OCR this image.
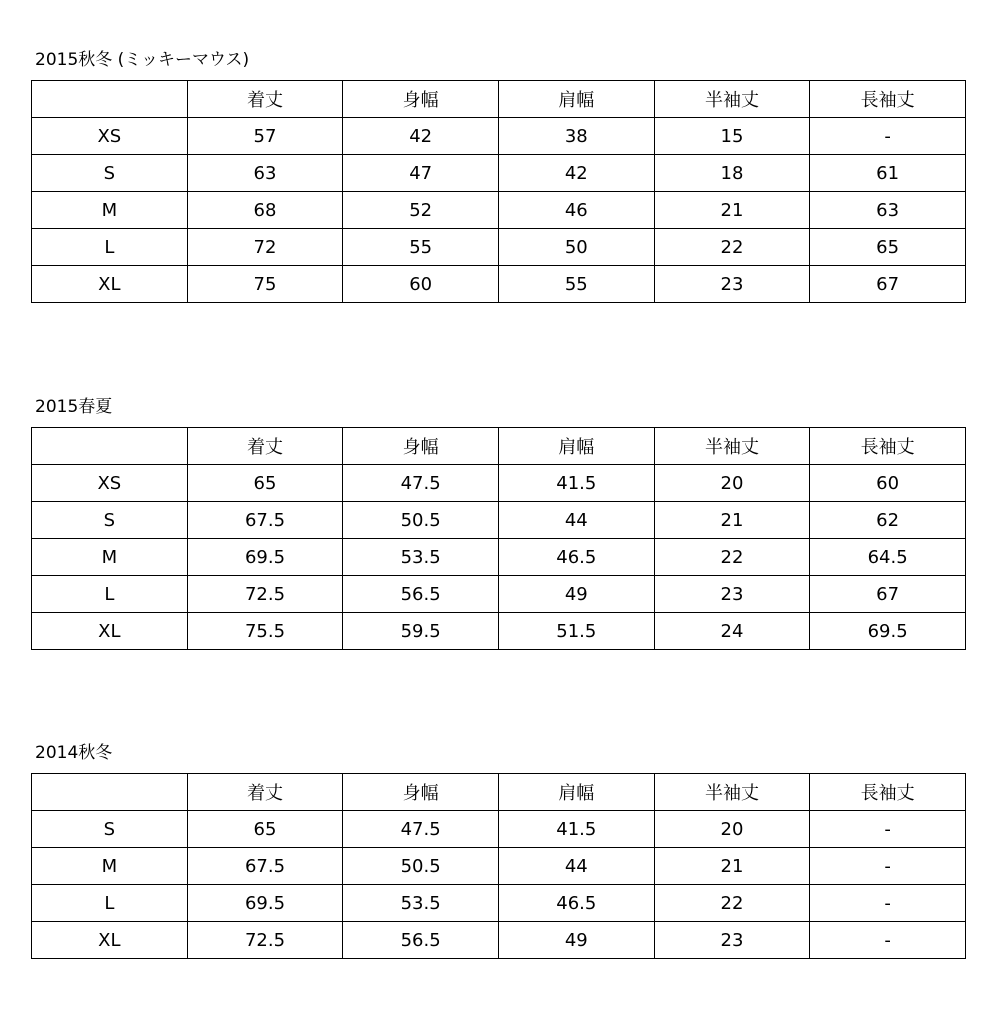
2015秋冬 (ミッキーマウス)
	着丈	身幅	肩幅	半袖丈	長袖丈
XS	57	42	38	15	-
S	63	47	42	18	61
M	68	52	46	21	63
L	72	55	50	22	65
XL	75	60	55	23	67
2015春夏
	着丈	身幅	肩幅	半袖丈	長袖丈
XS	65	47.5	41.5	20	60
S	67.5	50.5	44	21	62
M	69.5	53.5	46.5	22	64.5
L	72.5	56.5	49	23	67
XL	75.5	59.5	51.5	24	69.5
2014秋冬
	着丈	身幅	肩幅	半袖丈	長袖丈
S	65	47.5	41.5	20	-
M	67.5	50.5	44	21	-
L	69.5	53.5	46.5	22	-
XL	72.5	56.5	49	23	-
